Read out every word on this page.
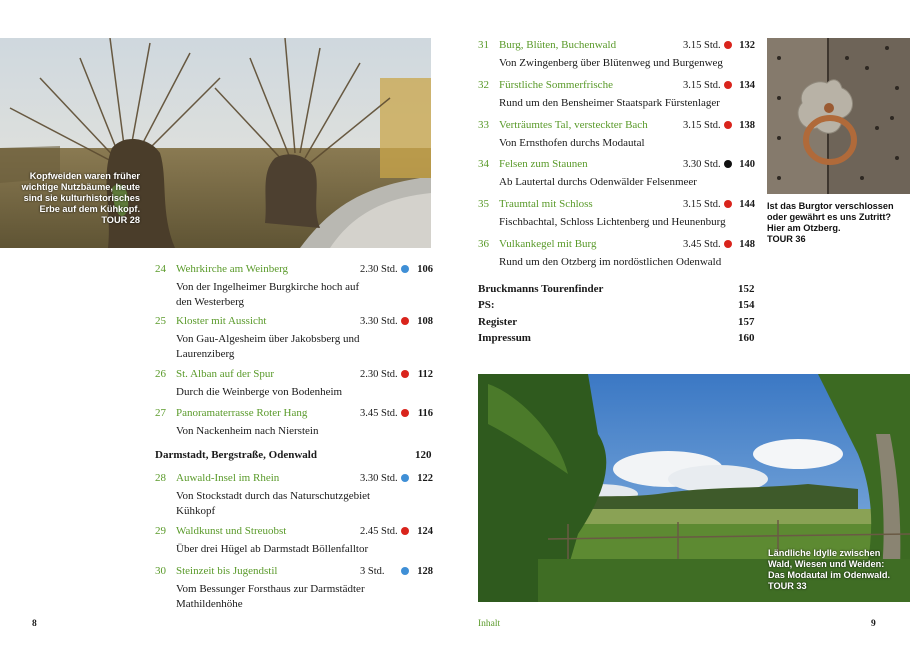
Kopfweiden waren früher
wichtige Nutzbäume, heute
sind sie kulturhistorisches
Erbe auf dem Kühkopf.
TOUR 28
24 Wehrkirche am Weinberg	2.30 Std.	106
Von der Ingelheimer Burgkirche hoch auf den Westerberg
25 Kloster mit Aussicht	3.30 Std.	108
Von Gau-Algesheim über Jakobsberg und Laurenziberg
26 St. Alban auf der Spur	2.30 Std.	112
Durch die Weinberge von Bodenheim
27 Panoramaterrasse Roter Hang	3.45 Std.	116
Von Nackenheim nach Nierstein
Darmstadt, Bergstraße, Odenwald	120
28 Auwald-Insel im Rhein	3.30 Std.	122
Von Stockstadt durch das Naturschutzgebiet Kühkopf
29 Waldkunst und Streuobst	2.45 Std.	124
Über drei Hügel ab Darmstadt Böllenfalltor
30 Steinzeit bis Jugendstil	3 Std.	128
Vom Bessunger Forsthaus zur Darmstädter Mathildenhöhe
31 Burg, Blüten, Buchenwald	3.15 Std.	132
Von Zwingenberg über Blütenweg und Burgenweg
32 Fürstliche Sommerfrische	3.15 Std.	134
Rund um den Bensheimer Staatspark Fürstenlager
33 Verträumtes Tal, versteckter Bach	3.15 Std.	138
Von Ernsthofen durchs Modautal
34 Felsen zum Staunen	3.30 Std.	140
Ab Lautertal durchs Odenwälder Felsenmeer
35 Traumtal mit Schloss	3.15 Std.	144
Fischbachtal, Schloss Lichtenberg und Heunenburg
36 Vulkankegel mit Burg	3.45 Std.	148
Rund um den Otzberg im nordöstlichen Odenwald
Bruckmanns Tourenfinder	152
PS:	154
Register	157
Impressum	160
Ist das Burgtor verschlossen
oder gewährt es uns Zutritt?
Hier am Otzberg.
TOUR 36
Ländliche Idylle zwischen
Wald, Wiesen und Weiden:
Das Modautal im Odenwald.
TOUR 33
8	Inhalt	9
